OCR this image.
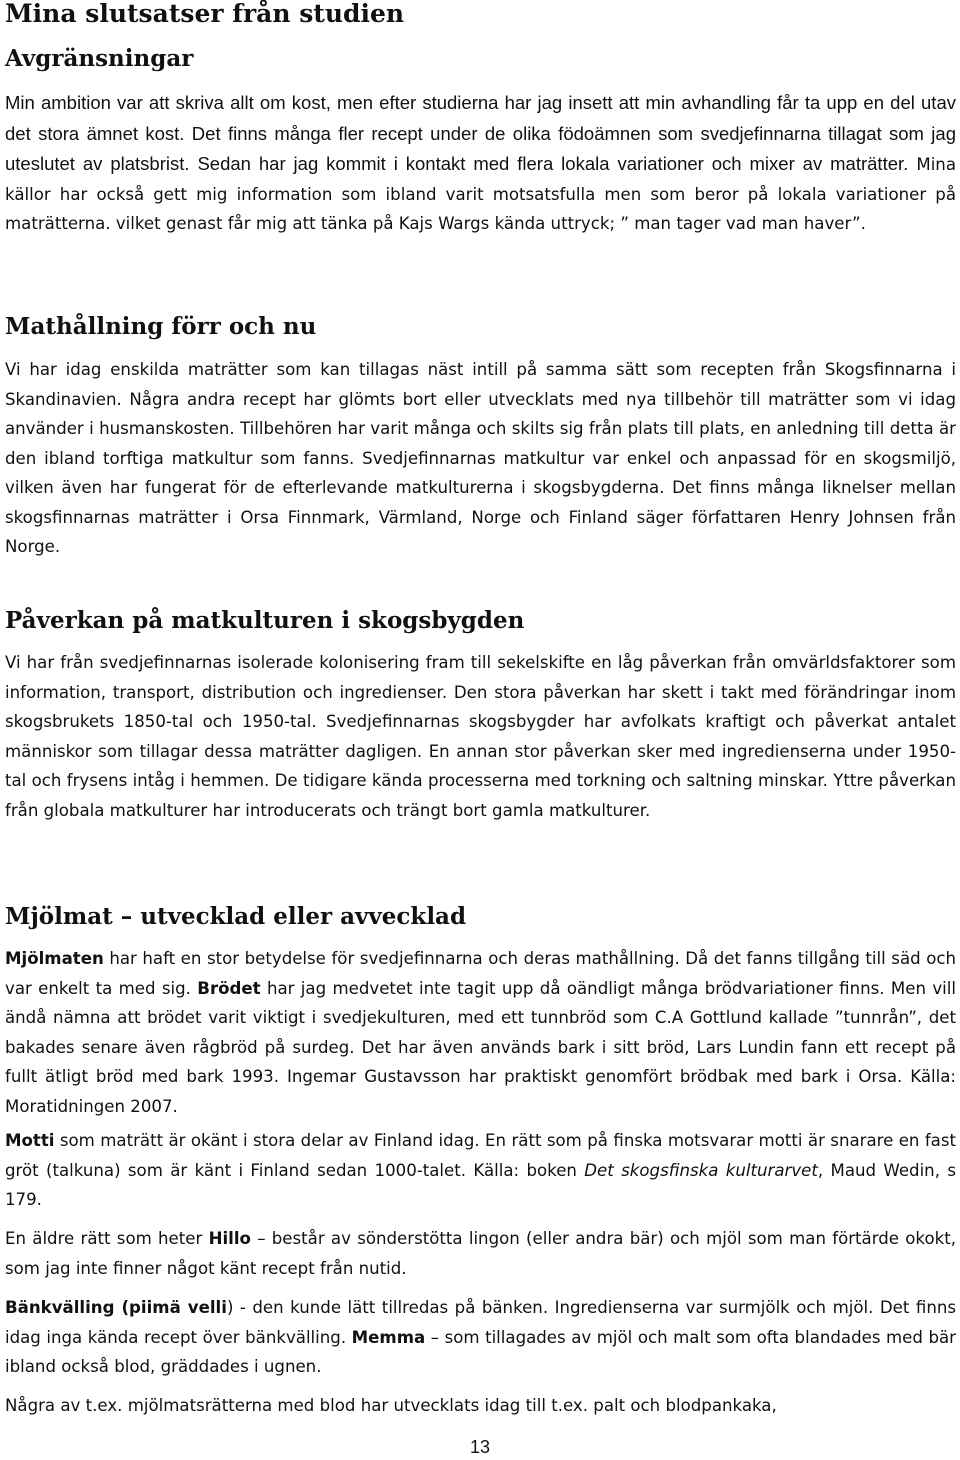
Mina slutsatser från studien
Avgränsningar
Min ambition var att skriva allt om kost, men efter studierna har jag insett att min avhandling får ta upp en del utav det stora ämnet kost. Det finns många fler recept under de olika födoämnen som svedjefinnarna tillagat som jag uteslutet av platsbrist. Sedan har jag kommit i kontakt med flera lokala variationer och mixer av maträtter. Mina källor har också gett mig information som ibland varit motsatsfulla men som beror på lokala variationer på maträtterna. vilket genast får mig att tänka på Kajs Wargs kända uttryck; ” man tager vad man haver”.
Mathållning förr och nu
Vi har idag enskilda maträtter som kan tillagas näst intill på samma sätt som recepten från Skogsfinnarna i Skandinavien. Några andra recept har glömts bort eller utvecklats med nya tillbehör till maträtter som vi idag använder i husmanskosten. Tillbehören har varit många och skilts sig från plats till plats, en anledning till detta är den ibland torftiga matkultur som fanns. Svedjefinnarnas matkultur var enkel och anpassad för en skogsmiljö, vilken även har fungerat för de efterlevande matkulturerna i skogsbygderna. Det finns många liknelser mellan skogsfinnarnas maträtter i Orsa Finnmark, Värmland, Norge och Finland säger författaren Henry Johnsen från Norge.
Påverkan på matkulturen i skogsbygden
Vi har från svedjefinnarnas isolerade kolonisering fram till sekelskifte en låg påverkan från omvärldsfaktorer som information, transport, distribution och ingredienser. Den stora påverkan har skett i takt med förändringar inom skogsbrukets 1850-tal och 1950-tal. Svedjefinnarnas skogsbygder har avfolkats kraftigt och påverkat antalet människor som tillagar dessa maträtter dagligen. En annan stor påverkan sker med ingredienserna under 1950-tal och frysens intåg i hemmen. De tidigare kända processerna med torkning och saltning minskar. Yttre påverkan från globala matkulturer har introducerats och trängt bort gamla matkulturer.
Mjölmat – utvecklad eller avvecklad
Mjölmaten har haft en stor betydelse för svedjefinnarna och deras mathållning. Då det fanns tillgång till säd och var enkelt ta med sig. Brödet har jag medvetet inte tagit upp då oändligt många brödvariationer finns. Men vill ändå nämna att brödet varit viktigt i svedjekulturen, med ett tunnbröd som C.A Gottlund kallade ”tunnrån”, det bakades senare även rågbröd på surdeg. Det har även används bark i sitt bröd, Lars Lundin fann ett recept på fullt ätligt bröd med bark 1993. Ingemar Gustavsson har praktiskt genomfört brödbak med bark i Orsa. Källa: Moratidningen 2007.
Motti som maträtt är okänt i stora delar av Finland idag. En rätt som på finska motsvarar motti är snarare en fast gröt (talkuna) som är känt i Finland sedan 1000-talet. Källa: boken Det skogsfinska kulturarvet, Maud Wedin, s 179.
En äldre rätt som heter Hillo – består av sönderstötta lingon (eller andra bär) och mjöl som man förtärde okokt, som jag inte finner något känt recept från nutid.
Bänkvälling (piimä velli) - den kunde lätt tillredas på bänken. Ingredienserna var surmjölk och mjöl. Det finns idag inga kända recept över bänkvälling. Memma – som tillagades av mjöl och malt som ofta blandades med bär ibland också blod, gräddades i ugnen.
Några av t.ex. mjölmatsrätterna med blod har utvecklats idag till t.ex. palt och blodpankaka,
13
